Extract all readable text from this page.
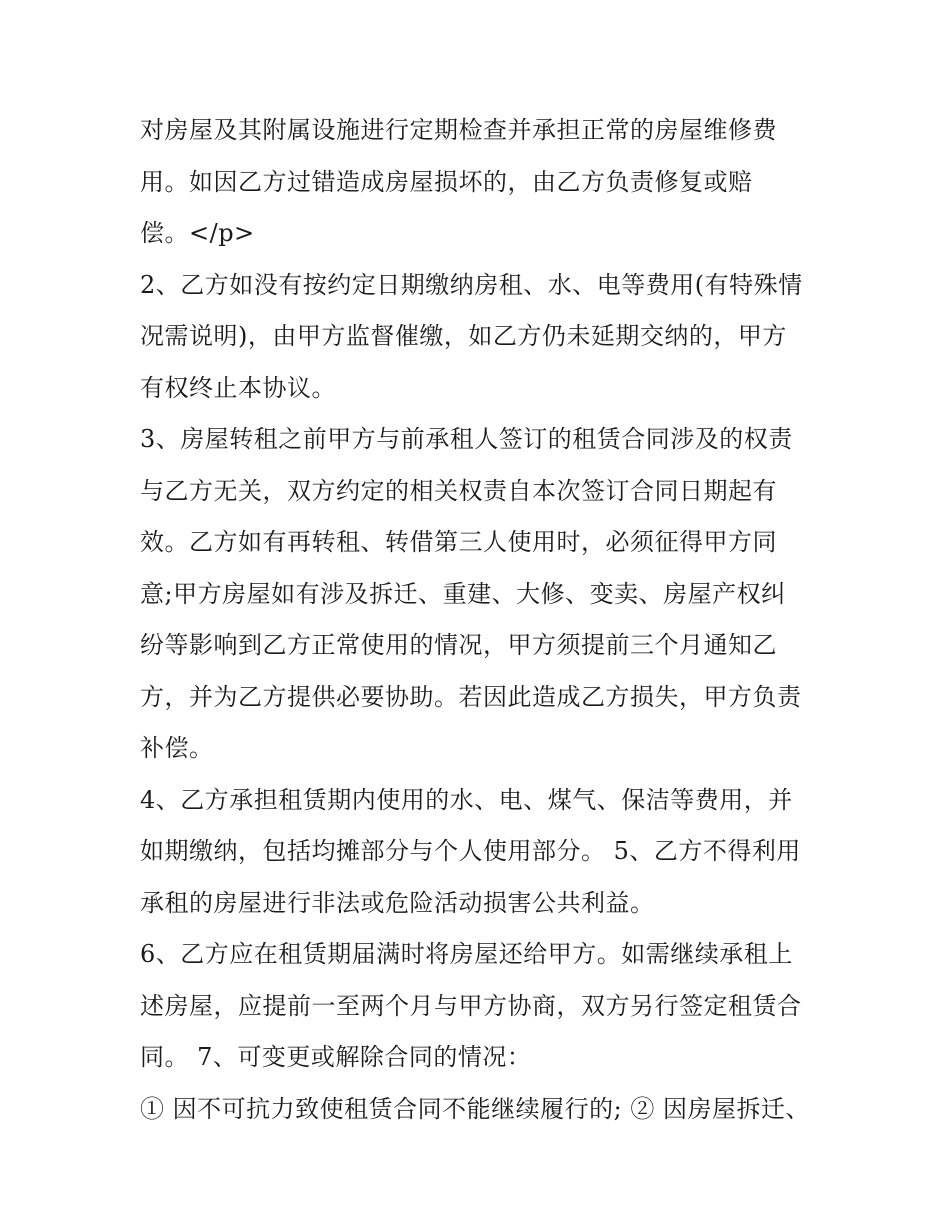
对房屋及其附属设施进行定期检查并承担正常的房屋维修费
用。如因乙方过错造成房屋损坏的，由乙方负责修复或赔
偿。</p>
2、乙方如没有按约定日期缴纳房租、水、电等费用(有特殊情
况需说明)，由甲方监督催缴，如乙方仍未延期交纳的，甲方
有权终止本协议。
3、房屋转租之前甲方与前承租人签订的租赁合同涉及的权责
与乙方无关，双方约定的相关权责自本次签订合同日期起有
效。乙方如有再转租、转借第三人使用时，必须征得甲方同
意;甲方房屋如有涉及拆迁、重建、大修、变卖、房屋产权纠
纷等影响到乙方正常使用的情况，甲方须提前三个月通知乙
方，并为乙方提供必要协助。若因此造成乙方损失，甲方负责
补偿。
4、乙方承担租赁期内使用的水、电、煤气、保洁等费用，并
如期缴纳，包括均摊部分与个人使用部分。 5、乙方不得利用
承租的房屋进行非法或危险活动损害公共利益。
6、乙方应在租赁期届满时将房屋还给甲方。如需继续承租上
述房屋，应提前一至两个月与甲方协商，双方另行签定租赁合
同。 7、可变更或解除合同的情况：
① 因不可抗力致使租赁合同不能继续履行的; ② 因房屋拆迁、
